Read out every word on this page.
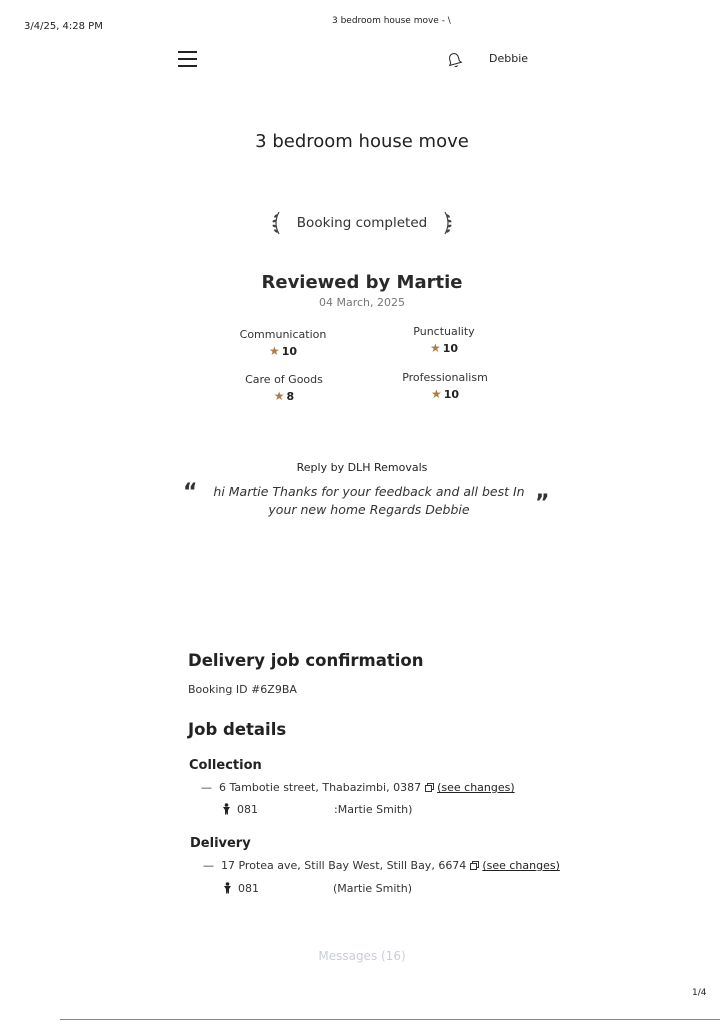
3/4/25, 4:28 PM	3 bedroom house move - \
1/4
Debbie
3 bedroom house move
Booking completed
Reviewed by Martie
04 March, 2025
Communication
★ 10
Punctuality
★ 10
Care of Goods
★ 8
Professionalism
★ 10
Reply by DLH Removals
“ hi Martie Thanks for your feedback and all best In your new home Regards Debbie	”
Delivery job confirmation
Booking ID #6Z9BA
Job details
Collection
— 6 Tambotie street, Thabazimbi, 0387 (see changes)
081	:Martie Smith)
Delivery
— 17 Protea ave, Still Bay West, Still Bay, 6674 (see changes)
081	(Martie Smith)
Messages (16)
